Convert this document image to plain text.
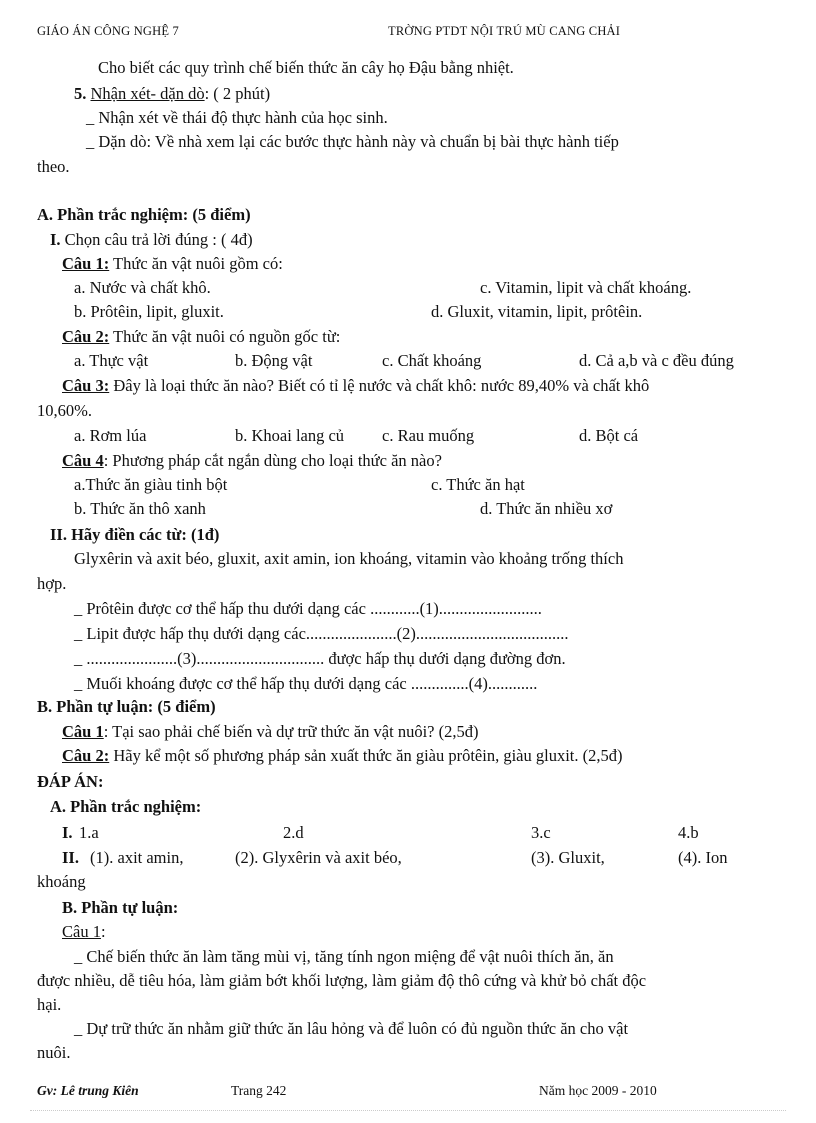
GIÁO ÁN CÔNG NGHỆ 7	TRỜNG PTDT NỘI TRÚ MÙ CANG CHẢI
Cho biết các quy trình chế biến thức ăn cây họ Đậu bằng nhiệt.
5. Nhận xét- dặn dò: ( 2 phút)
_ Nhận xét về thái độ thực hành của học sinh.
_ Dặn dò: Về nhà xem lại các bước thực hành này và chuẩn bị bài thực hành tiếp
theo.
A. Phần trắc nghiệm: (5 điểm)
I. Chọn câu trả lời đúng : ( 4đ)
Câu 1: Thức ăn vật nuôi gồm có:
a. Nước và chất khô.	c. Vitamin, lipit và chất khoáng.
b. Prôtêin, lipit, gluxit.	d. Gluxit, vitamin, lipit, prôtêin.
Câu 2: Thức ăn vật nuôi có nguồn gốc từ:
a. Thực vật	b. Động vật	c. Chất khoáng	d. Cả a,b và c đều đúng
Câu 3: Đây là loại thức ăn nào? Biết có tỉ lệ nước và chất khô: nước 89,40% và chất khô
10,60%.
a. Rơm lúa	b. Khoai lang củ c. Rau muống	d. Bột cá
Câu 4: Phương pháp cắt ngắn dùng cho loại thức ăn nào?
a.Thức ăn giàu tinh bột	c. Thức ăn hạt
b. Thức ăn thô xanh	d. Thức ăn nhiều xơ
II. Hãy điền các từ: (1đ)
Glyxêrin và axit béo, gluxit, axit amin, ion khoáng, vitamin vào khoảng trống thích
hợp.
_ Prôtêin được cơ thể hấp thu dưới dạng các ............(1).........................
_ Lipit được hấp thụ dưới dạng các......................(2).....................................
_ ......................(3)............................... được hấp thụ dưới dạng đường đơn.
_ Muối khoáng được cơ thể hấp thụ dưới dạng các ..............(4)............
B. Phần tự luận: (5 điểm)
Câu 1: Tại sao phải chế biến và dự trữ thức ăn vật nuôi? (2,5đ)
Câu 2: Hãy kể một số phương pháp sản xuất thức ăn giàu prôtêin, giàu gluxit. (2,5đ)
ĐÁP ÁN:
A. Phần trắc nghiệm:
I. 1.a	2.d	3.c	4.b
II. (1). axit amin,	(2). Glyxêrin và axit béo,	(3). Gluxit,	(4). Ion
khoáng
B. Phần tự luận:
Câu 1:
_ Chế biến thức ăn làm tăng mùi vị, tăng tính ngon miệng để vật nuôi thích ăn, ăn
được nhiều, dễ tiêu hóa, làm giảm bớt khối lượng, làm giảm độ thô cứng và khử bỏ chất độc
hại.
_ Dự trữ thức ăn nhằm giữ thức ăn lâu hỏng và để luôn có đủ nguồn thức ăn cho vật
nuôi.
Gv: Lê trung Kiên	Trang 242	Năm học 2009 - 2010
